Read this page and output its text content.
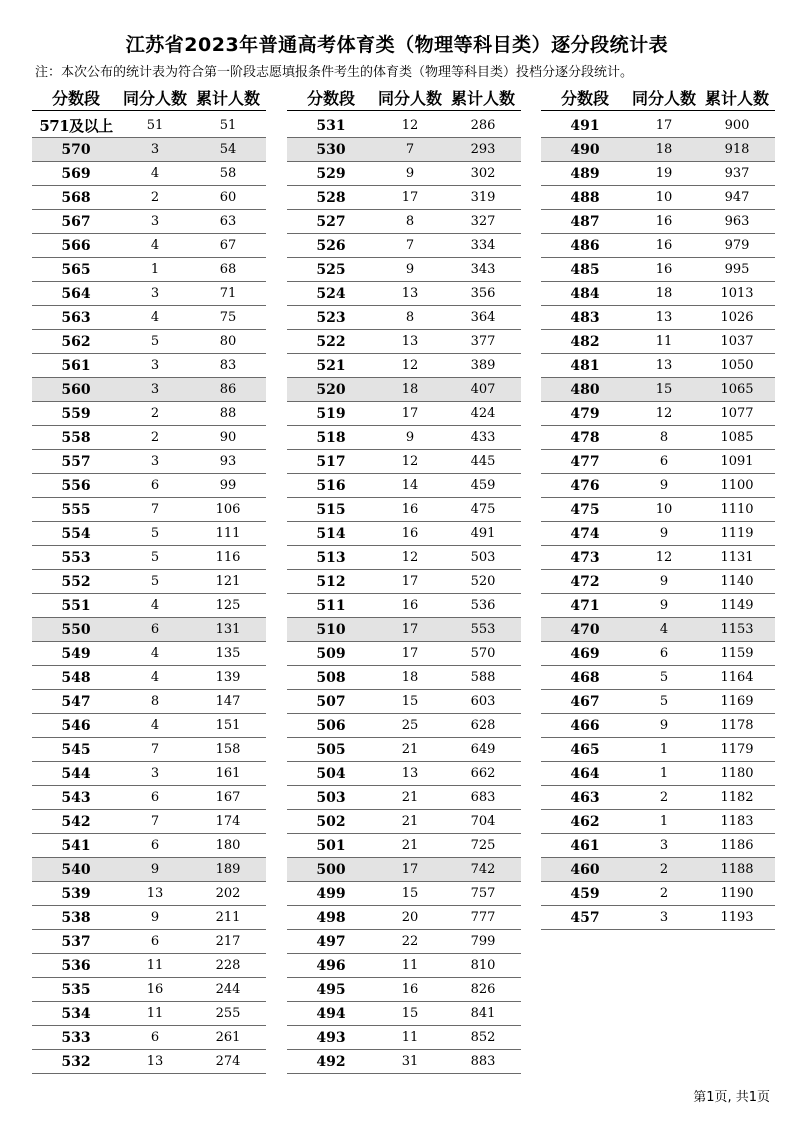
江苏省2023年普通高考体育类（物理等科目类）逐分段统计表
注：本次公布的统计表为符合第一阶段志愿填报条件考生的体育类（物理等科目类）投档分逐分段统计。
分数段	同分人数 累计人数
571及以上	51	51
570	3	54
569	4	58
568	2	60
567	3	63
566	4	67
565	1	68
564	3	71
563	4	75
562	5	80
561	3	83
560	3	86
559	2	88
558	2	90
557	3	93
556	6	99
555	7	106
554	5	111
553	5	116
552	5	121
551	4	125
550	6	131
549	4	135
548	4	139
547	8	147
546	4	151
545	7	158
544	3	161
543	6	167
542	7	174
541	6	180
540	9	189
539	13	202
538	9	211
537	6	217
536	11	228
535	16	244
534	11	255
533	6	261
532	13	274
分数段	同分人数 累计人数
531	12	286
530	7	293
529	9	302
528	17	319
527	8	327
526	7	334
525	9	343
524	13	356
523	8	364
522	13	377
521	12	389
520	18	407
519	17	424
518	9	433
517	12	445
516	14	459
515	16	475
514	16	491
513	12	503
512	17	520
511	16	536
510	17	553
509	17	570
508	18	588
507	15	603
506	25	628
505	21	649
504	13	662
503	21	683
502	21	704
501	21	725
500	17	742
499	15	757
498	20	777
497	22	799
496	11	810
495	16	826
494	15	841
493	11	852
492	31	883
分数段	同分人数 累计人数
491	17	900
490	18	918
489	19	937
488	10	947
487	16	963
486	16	979
485	16	995
484	18	1013
483	13	1026
482	11	1037
481	13	1050
480	15	1065
479	12	1077
478	8	1085
477	6	1091
476	9	1100
475	10	1110
474	9	1119
473	12	1131
472	9	1140
471	9	1149
470	4	1153
469	6	1159
468	5	1164
467	5	1169
466	9	1178
465	1	1179
464	1	1180
463	2	1182
462	1	1183
461	3	1186
460	2	1188
459	2	1190
457	3	1193
第1页, 共1页
